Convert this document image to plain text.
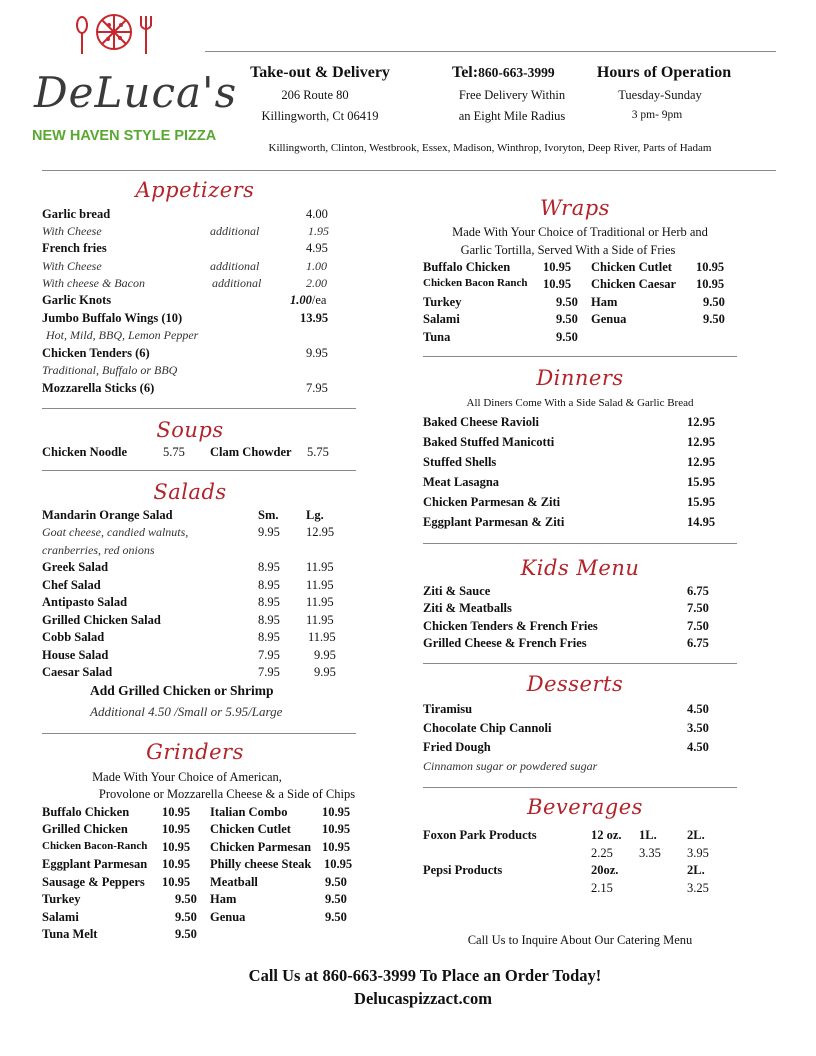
DeLuca's
NEW HAVEN STYLE PIZZA
Take-out & Delivery
206 Route 80
Killingworth, Ct 06419
Tel:860-663-3999
Free Delivery Within
an Eight Mile Radius
Hours of Operation
Tuesday-Sunday
3 pm- 9pm
Killingworth, Clinton, Westbrook, Essex, Madison, Winthrop, Ivoryton, Deep River, Parts of Hadam
Appetizers
Garlic bread	4.00
With Cheese	additional	1.95
French fries	4.95
With Cheese	additional	1.00
With cheese & Bacon	additional	2.00
Garlic Knots	1.00/ea
Jumbo Buffalo Wings (10)	13.95
Hot, Mild, BBQ, Lemon Pepper
Chicken Tenders (6)	9.95
Traditional, Buffalo or BBQ
Mozzarella Sticks (6)	7.95
Soups
Chicken Noodle	5.75 Clam Chowder 5.75
Salads
Mandarin Orange Salad	Sm. Lg.
Goat cheese, candied walnuts,	9.95 12.95
cranberries, red onions
Greek Salad	8.95 11.95
Chef Salad	8.95 11.95
Antipasto Salad	8.95 11.95
Grilled Chicken Salad	8.95 11.95
Cobb Salad	8.95 11.95
House Salad	7.95	9.95
Caesar Salad	7.95	9.95
Add Grilled Chicken or Shrimp
Additional 4.50 /Small or 5.95/Large
Grinders
Made With Your Choice of American,
Provolone or Mozzarella Cheese & a Side of Chips
Buffalo Chicken	10.95 Italian Combo	10.95
Grilled Chicken	10.95 Chicken Cutlet 10.95
Chicken Bacon-Ranch 10.95 Chicken Parmesan 10.95
Eggplant Parmesan 10.95 Philly cheese Steak 10.95
Sausage & Peppers 10.95 Meatball	9.50
Turkey	9.50 Ham	9.50
Salami	9.50 Genua	9.50
Tuna Melt	9.50
Wraps
Made With Your Choice of Traditional or Herb and
Garlic Tortilla, Served With a Side of Fries
Buffalo Chicken	10.95 Chicken Cutlet 10.95
Chicken Bacon Ranch 10.95 Chicken Caesar 10.95
Turkey	9.50 Ham	9.50
Salami	9.50 Genua	9.50
Tuna	9.50
Dinners
All Diners Come With a Side Salad & Garlic Bread
Baked Cheese Ravioli	12.95
Baked Stuffed Manicotti	12.95
Stuffed Shells	12.95
Meat Lasagna	15.95
Chicken Parmesan & Ziti	15.95
Eggplant Parmesan & Ziti	14.95
Kids Menu
Ziti & Sauce	6.75
Ziti & Meatballs	7.50
Chicken Tenders & French Fries	7.50
Grilled Cheese & French Fries	6.75
Desserts
Tiramisu	4.50
Chocolate Chip Cannoli	3.50
Fried Dough	4.50
Cinnamon sugar or powdered sugar
Beverages
Foxon Park Products	12 oz. 1L. 2L.
2.25 3.35 3.95
Pepsi Products	20oz.	2L.
2.15	3.25
Call Us to Inquire About Our Catering Menu
Call Us at 860-663-3999 To Place an Order Today!
Delucaspizzact.com
